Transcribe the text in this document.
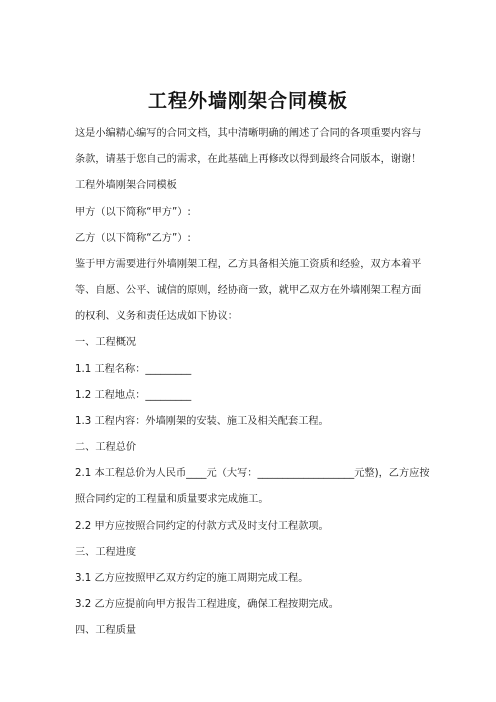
工程外墙刚架合同模板
这是小编精心编写的合同文档，其中清晰明确的阐述了合同的各项重要内容与
条款，请基于您自己的需求，在此基础上再修改以得到最终合同版本，谢谢！
工程外墙刚架合同模板
甲方（以下简称“甲方”）:
乙方（以下简称“乙方”）:
鉴于甲方需要进行外墙刚架工程，乙方具备相关施工资质和经验，双方本着平
等、自愿、公平、诚信的原则，经协商一致，就甲乙双方在外墙刚架工程方面
的权利、义务和责任达成如下协议：
一、工程概况
1.1 工程名称：_________
1.2 工程地点：_________
1.3 工程内容：外墙刚架的安装、施工及相关配套工程。
二、工程总价
2.1 本工程总价为人民币____元（大写：___________________元整)，乙方应按
照合同约定的工程量和质量要求完成施工。
2.2 甲方应按照合同约定的付款方式及时支付工程款项。
三、工程进度
3.1 乙方应按照甲乙双方约定的施工周期完成工程。
3.2 乙方应提前向甲方报告工程进度，确保工程按期完成。
四、工程质量
